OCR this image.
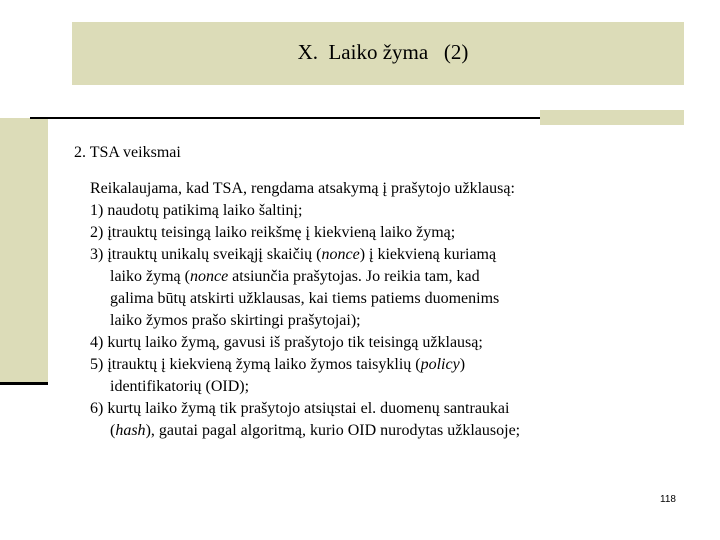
X.  Laiko žyma   (2)
2. TSA veiksmai
Reikalaujama, kad TSA, rengdama atsakymą į prašytojo užklausą:
1) naudotų patikimą laiko šaltinį;
2) įtrauktų teisingą laiko reikšmę į kiekvieną laiko žymą;
3) įtrauktų unikalų sveikąjį skaičių (nonce) į kiekvieną kuriamą
laiko žymą (nonce atsiunčia prašytojas. Jo reikia tam, kad
galima būtų atskirti užklausas, kai tiems patiems duomenims
laiko žymos prašo skirtingi prašytojai);
4) kurtų laiko žymą, gavusi iš prašytojo tik teisingą užklausą;
5) įtrauktų į kiekvieną žymą laiko žymos taisyklių (policy)
identifikatorių (OID);
6) kurtų laiko žymą tik prašytojo atsiųstai el. duomenų santraukai
(hash), gautai pagal algoritmą, kurio OID nurodytas užklausoje;
118
